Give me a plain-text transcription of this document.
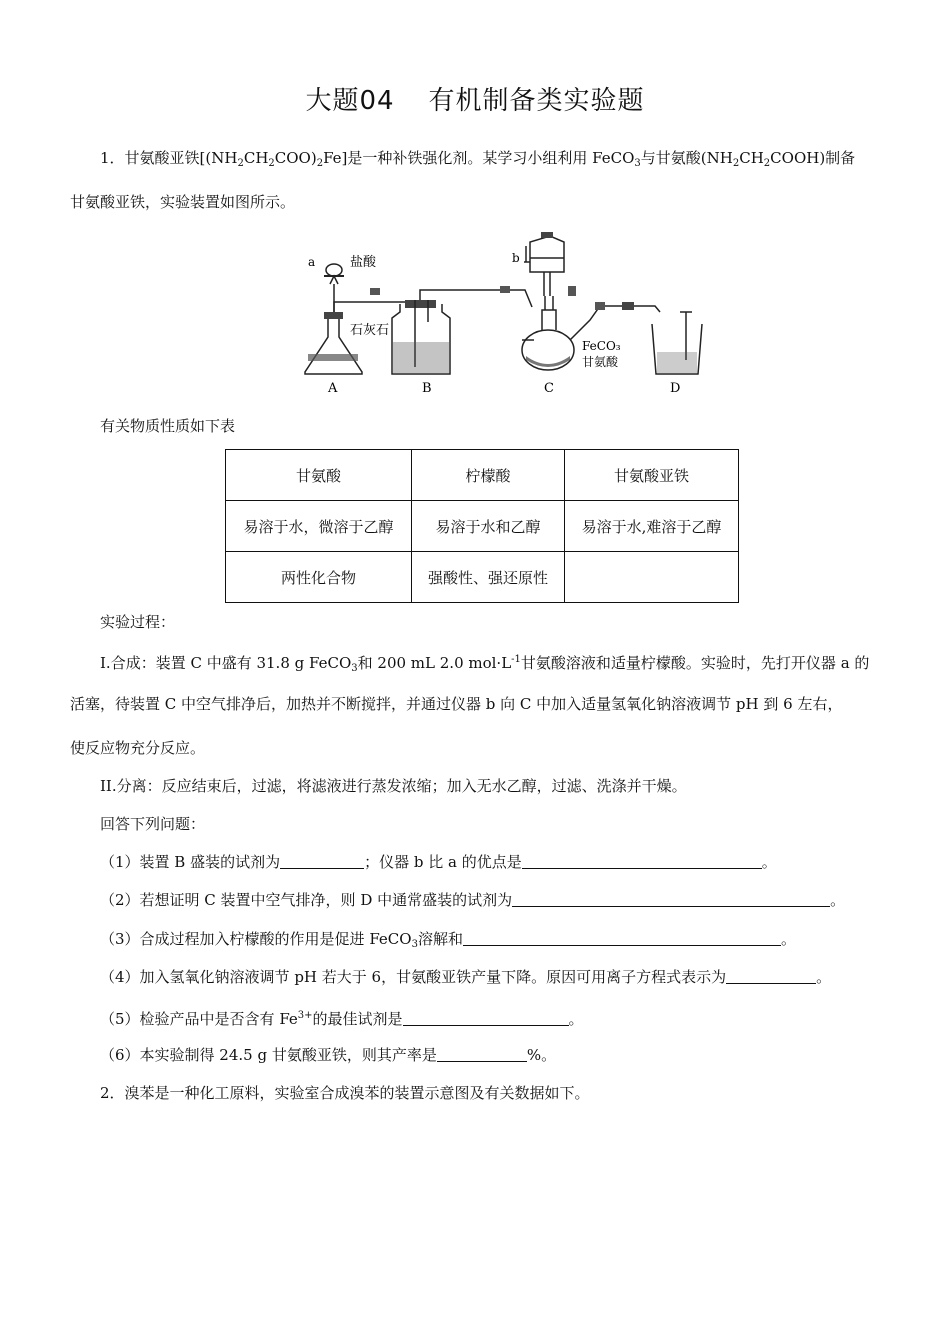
大题04 有机制备类实验题
1．甘氨酸亚铁$[(NH_2CH_2COO)_2Fe]$是一种补铁强化剂。某学习小组利用 FeCO$_3$与甘氨酸$(NH_2CH_2COOH)$制备
甘氨酸亚铁，实验装置如图所示。
a	盐酸
石灰石
b
FeCO₃
甘氨酸
A	B	C	D
有关物质性质如下表
甘氨酸	柠檬酸	甘氨酸亚铁
易溶于水，微溶于乙醇	易溶于水和乙醇	易溶于水,难溶于乙醇
两性化合物	强酸性、强还原性	
实验过程：
I.合成：装置 C 中盛有 31.8 g FeCO$_3$和 200 mL 2.0 $mol\cdot L^{-1}$甘氨酸溶液和适量柠檬酸。实验时，先打开仪器 a 的
活塞，待装置 C 中空气排净后，加热并不断搅拌，并通过仪器 b 向 C 中加入适量氢氧化钠溶液调节 pH 到 6 左右，
使反应物充分反应。
II.分离：反应结束后，过滤，将滤液进行蒸发浓缩；加入无水乙醇，过滤、洗涤并干燥。
回答下列问题：
（1）装置 B 盛装的试剂为	；仪器 b 比 a 的优点是	。
（2）若想证明 C 装置中空气排净，则 D 中通常盛装的试剂为	。
（3）合成过程加入柠檬酸的作用是促进 FeCO$_3$溶解和	。
（4）加入氢氧化钠溶液调节 pH 若大于 6，甘氨酸亚铁产量下降。原因可用离子方程式表示为	。
（5）检验产品中是否含有 $Fe^{3+}$的最佳试剂是	。
（6）本实验制得 24.5 g 甘氨酸亚铁，则其产率是	%。
2．溴苯是一种化工原料，实验室合成溴苯的装置示意图及有关数据如下。
